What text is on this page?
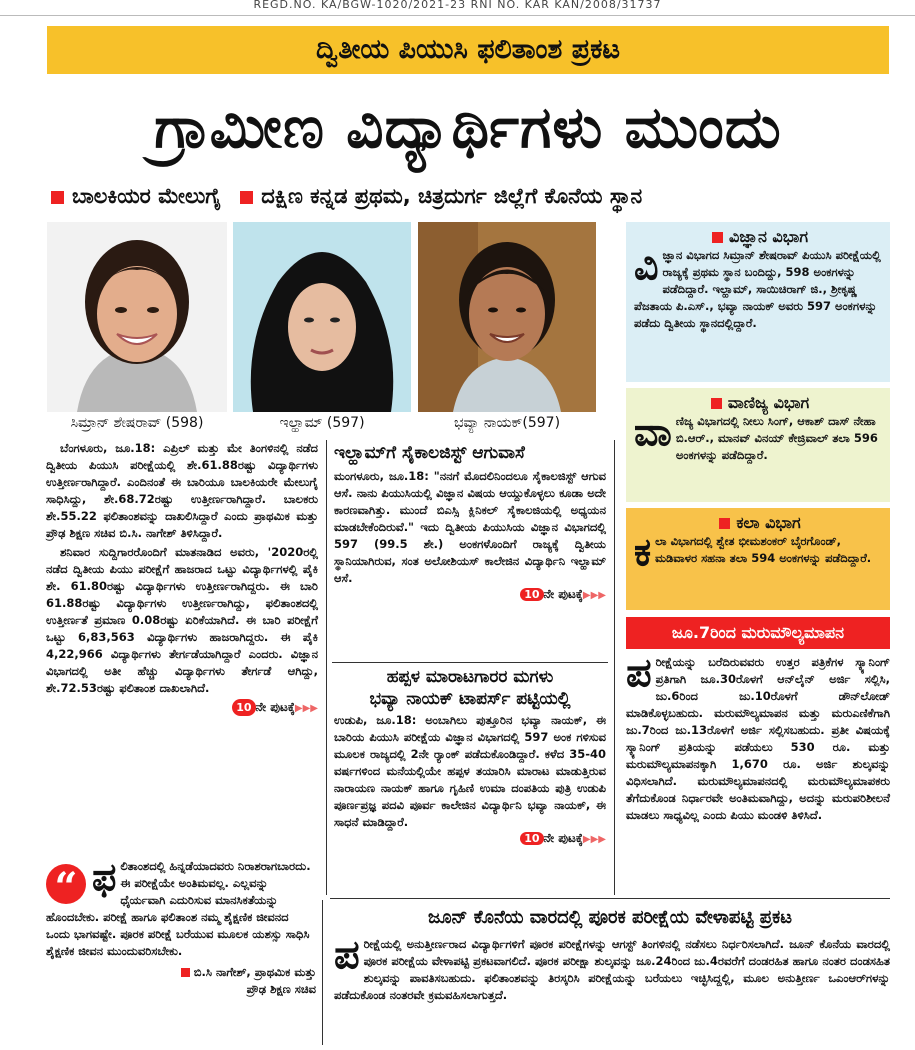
REGD.NO. KA/BGW-1020/2021-23 RNI NO. KAR KAN/2008/31737
ದ್ವಿತೀಯ ಪಿಯುಸಿ ಫಲಿತಾಂಶ ಪ್ರಕಟ
ಗ್ರಾಮೀಣ ವಿದ್ಯಾರ್ಥಿಗಳು ಮುಂದು
ಬಾಲಕಿಯರ ಮೇಲುಗೈ ದಕ್ಷಿಣ ಕನ್ನಡ ಪ್ರಥಮ, ಚಿತ್ರದುರ್ಗ ಜಿಲ್ಲೆಗೆ ಕೊನೆಯ ಸ್ಥಾನ
ಸಿಮ್ರಾನ್ ಶೇಷರಾವ್ (598)	ಇಲ್ಹಾಮ್ (597)	ಭವ್ಯಾ ನಾಯಕ್(597)

ಬೆಂಗಳೂರು, ಜೂ.18: ಎಪ್ರಿಲ್ ಮತ್ತು ಮೇ ತಿಂಗಳಿನಲ್ಲಿ ನಡೆದ ದ್ವಿತೀಯ ಪಿಯುಸಿ ಪರೀಕ್ಷೆಯಲ್ಲಿ ಶೇ.61.88ರಷ್ಟು ವಿದ್ಯಾರ್ಥಿಗಳು ಉತ್ತೀರ್ಣರಾಗಿದ್ದಾರೆ. ಎಂದಿನಂತೆ ಈ ಬಾರಿಯೂ ಬಾಲಕಿಯರೇ ಮೇಲುಗೈ ಸಾಧಿಸಿದ್ದು, ಶೇ.68.72ರಷ್ಟು ಉತ್ತೀರ್ಣರಾಗಿದ್ದಾರೆ. ಬಾಲಕರು ಶೇ.55.22 ಫಲಿತಾಂಶವನ್ನು ದಾಖಲಿಸಿದ್ದಾರೆ ಎಂದು ಪ್ರಾಥಮಿಕ ಮತ್ತು ಪ್ರೌಢ ಶಿಕ್ಷಣ ಸಚಿವ ಬಿ.ಸಿ. ನಾಗೇಶ್ ತಿಳಿಸಿದ್ದಾರೆ.

ಶನಿವಾರ ಸುದ್ದಿಗಾರರೊಂದಿಗೆ ಮಾತನಾಡಿದ ಅವರು, '2020ರಲ್ಲಿ ನಡೆದ ದ್ವಿತೀಯ ಪಿಯು ಪರೀಕ್ಷೆಗೆ ಹಾಜರಾದ ಒಟ್ಟು ವಿದ್ಯಾರ್ಥಿಗಳಲ್ಲಿ ಪೈಕಿ ಶೇ. 61.80ರಷ್ಟು ವಿದ್ಯಾರ್ಥಿಗಳು ಉತ್ತೀರ್ಣರಾಗಿದ್ದರು. ಈ ಬಾರಿ 61.88ರಷ್ಟು ವಿದ್ಯಾರ್ಥಿಗಳು ಉತ್ತೀರ್ಣರಾಗಿದ್ದು, ಫಲಿತಾಂಶದಲ್ಲಿ ಉತ್ತೀರ್ಣತೆ ಪ್ರಮಾಣ 0.08ರಷ್ಟು ಏರಿಕೆಯಾಗಿದೆ. ಈ ಬಾರಿ ಪರೀಕ್ಷೆಗೆ ಒಟ್ಟು 6,83,563 ವಿದ್ಯಾರ್ಥಿಗಳು ಹಾಜರಾಗಿದ್ದರು. ಈ ಪೈಕಿ 4,22,966 ವಿದ್ಯಾರ್ಥಿಗಳು ತೇರ್ಗಡೆಯಾಗಿದ್ದಾರೆ ಎಂದರು. ವಿಜ್ಞಾನ ವಿಭಾಗದಲ್ಲಿ ಅತೀ ಹೆಚ್ಚು ವಿದ್ಯಾರ್ಥಿಗಳು ತೇರ್ಗಡೆ ಆಗಿದ್ದು, ಶೇ.72.53ರಷ್ಟು ಫಲಿತಾಂಶ ದಾಖಲಾಗಿದೆ.

10 ನೇ ಪುಟಕ್ಕೆ▶▶▶
“ ಫ ಲಿತಾಂಶದಲ್ಲಿ ಹಿನ್ನಡೆಯಾದವರು ನಿರಾಶರಾಗಬಾರದು. ಈ ಪರೀಕ್ಷೆಯೇ ಅಂತಿಮವಲ್ಲ. ಎಲ್ಲವನ್ನು ಧೈರ್ಯವಾಗಿ ಎದುರಿಸುವ ಮಾನಸಿಕತೆಯನ್ನು ಹೊಂದಬೇಕು. ಪರೀಕ್ಷೆ ಹಾಗೂ ಫಲಿತಾಂಶ ನಮ್ಮ ಶೈಕ್ಷಣಿಕ ಜೀವನದ ಒಂದು ಭಾಗವಷ್ಟೇ. ಪೂರಕ ಪರೀಕ್ಷೆ ಬರೆಯುವ ಮೂಲಕ ಯಶಸ್ಸು ಸಾಧಿಸಿ ಶೈಕ್ಷಣಿಕ ಜೀವನ ಮುಂದುವರಿಸಬೇಕು.
ಬಿ.ಸಿ ನಾಗೇಶ್, ಪ್ರಾಥಮಿಕ ಮತ್ತು
ಪ್ರೌಢ ಶಿಕ್ಷಣ ಸಚಿವ
ಇಲ್ಹಾಮ್‌ಗೆ ಸೈಕಾಲಜಿಸ್ಟ್ ಆಗುವಾಸೆ
ಮಂಗಳೂರು, ಜೂ.18: "ನನಗೆ ಮೊದಲಿನಿಂದಲೂ ಸೈಕಾಲಜಿಸ್ಟ್ ಆಗುವ ಆಸೆ. ನಾನು ಪಿಯುಸಿಯಲ್ಲಿ ವಿಜ್ಞಾನ ವಿಷಯ ಆಯ್ದುಕೊಳ್ಳಲು ಕೂಡಾ ಅದೇ ಕಾರಣವಾಗಿತ್ತು. ಮುಂದೆ ಬಿಎಸ್ಸಿ ಕ್ಲಿನಿಕಲ್ ಸೈಕಾಲಜಿಯಲ್ಲಿ ಅಧ್ಯಯನ ಮಾಡಬೇಕೆಂದಿರುವೆ." ಇದು ದ್ವಿತೀಯ ಪಿಯುಸಿಯ ವಿಜ್ಞಾನ ವಿಭಾಗದಲ್ಲಿ 597 (99.5 ಶೇ.) ಅಂಕಗಳೊಂದಿಗೆ ರಾಜ್ಯಕ್ಕೆ ದ್ವಿತೀಯ ಸ್ಥಾನಿಯಾಗಿರುವ, ಸಂತ ಅಲೋಶಿಯಸ್ ಕಾಲೇಜಿನ ವಿದ್ಯಾರ್ಥಿನಿ ಇಲ್ಹಾಮ್ ಆಸೆ.
10 ನೇ ಪುಟಕ್ಕೆ▶▶▶
ಹಪ್ಪಳ ಮಾರಾಟಗಾರರ ಮಗಳು
ಭವ್ಯಾ ನಾಯಕ್ ಟಾಪರ್ಸ್ ಪಟ್ಟಿಯಲ್ಲಿ
ಉಡುಪಿ, ಜೂ.18: ಅಂಬಾಗಿಲು ಪುತ್ತೂರಿನ ಭವ್ಯಾ ನಾಯಕ್, ಈ ಬಾರಿಯ ಪಿಯುಸಿ ಪರೀಕ್ಷೆಯ ವಿಜ್ಞಾನ ವಿಭಾಗದಲ್ಲಿ 597 ಅಂಕ ಗಳಿಸುವ ಮೂಲಕ ರಾಜ್ಯದಲ್ಲಿ 2ನೇ ರ್‍ಯಾಂಕ್ ಪಡೆದುಕೊಂಡಿದ್ದಾರೆ. ಕಳೆದ 35-40 ವರ್ಷಗಳಿಂದ ಮನೆಯಲ್ಲಿಯೇ ಹಪ್ಪಳ ತಯಾರಿಸಿ ಮಾರಾಟ ಮಾಡುತ್ತಿರುವ ನಾರಾಯಣ ನಾಯಕ್ ಹಾಗೂ ಗೃಹಿಣಿ ಉಮಾ ದಂಪತಿಯ ಪುತ್ರಿ ಉಡುಪಿ ಪೂರ್ಣಪ್ರಜ್ಞ ಪದವಿ ಪೂರ್ವ ಕಾಲೇಜಿನ ವಿದ್ಯಾರ್ಥಿನಿ ಭವ್ಯಾ ನಾಯಕ್, ಈ ಸಾಧನೆ ಮಾಡಿದ್ದಾರೆ.
10 ನೇ ಪುಟಕ್ಕೆ▶▶▶
ವಿಜ್ಞಾನ ವಿಭಾಗ
ವಿ ಜ್ಞಾನ ವಿಭಾಗದ ಸಿಮ್ರಾನ್ ಶೇಷರಾವ್ ಪಿಯುಸಿ ಪರೀಕ್ಷೆಯಲ್ಲಿ ರಾಜ್ಯಕ್ಕೆ ಪ್ರಥಮ ಸ್ಥಾನ ಬಂದಿದ್ದು, 598 ಅಂಕಗಳನ್ನು ಪಡೆದಿದ್ದಾರೆ. ಇಲ್ಹಾಮ್, ಸಾಯಿಚಿರಾಗ್ ಜಿ., ಶ್ರೀಕೃಷ್ಣ ಪೆಜತಾಯ ಪಿ.ಎಸ್., ಭವ್ಯಾ ನಾಯಕ್ ಅವರು 597 ಅಂಕಗಳನ್ನು ಪಡೆದು ದ್ವಿತೀಯ ಸ್ಥಾನದಲ್ಲಿದ್ದಾರೆ.
ವಾಣಿಜ್ಯ ವಿಭಾಗ
ವಾ ಣಿಜ್ಯ ವಿಭಾಗದಲ್ಲಿ ನೀಲು ಸಿಂಗ್, ಆಕಾಶ್ ದಾಸ್ ನೇಹಾ ಬಿ.ಆರ್., ಮಾನವ್ ವಿನಯ್ ಕೇಜ್ರಿವಾಲ್ ತಲಾ 596 ಅಂಕಗಳನ್ನು ಪಡೆದಿದ್ದಾರೆ.
ಕಲಾ ವಿಭಾಗ
ಕ ಲಾ ವಿಭಾಗದಲ್ಲಿ ಶ್ವೇತ ಭೀಮಶಂಕರ್ ಬೈರಗೊಂಡ್, ಮಡಿವಾಳರ ಸಹನಾ ತಲಾ 594 ಅಂಕಗಳನ್ನು ಪಡೆದಿದ್ದಾರೆ.
ಜೂ.7ರಿಂದ ಮರುಮೌಲ್ಯಮಾಪನ
ಪರೀಕ್ಷೆಯನ್ನು ಬರೆದಿರುವವರು ಉತ್ತರ ಪತ್ರಿಕೆಗಳ ಸ್ಕ್ಯಾನಿಂಗ್ ಪ್ರತಿಗಾಗಿ ಜೂ.30ರೊಳಗೆ ಆನ್‌ಲೈನ್ ಅರ್ಜಿ ಸಲ್ಲಿಸಿ, ಜು.6ರಿಂದ ಜು.10ರೊಳಗೆ ಡೌನ್‌ಲೋಡ್ ಮಾಡಿಕೊಳ್ಳಬಹುದು. ಮರುಮೌಲ್ಯಮಾಪನ ಮತ್ತು ಮರುಎಣಿಕೆಗಾಗಿ ಜು.7ರಿಂದ ಜು.13ರೊಳಗೆ ಅರ್ಜಿ ಸಲ್ಲಿಸಬಹುದು. ಪ್ರತೀ ವಿಷಯಕ್ಕೆ ಸ್ಕ್ಯಾನಿಂಗ್ ಪ್ರತಿಯನ್ನು ಪಡೆಯಲು 530 ರೂ. ಮತ್ತು ಮರುಮೌಲ್ಯಮಾಪನಕ್ಕಾಗಿ 1,670 ರೂ. ಅರ್ಜಿ ಶುಲ್ಕವನ್ನು ವಿಧಿಸಲಾಗಿದೆ. ಮರುಮೌಲ್ಯಮಾಪನದಲ್ಲಿ ಮರುಮೌಲ್ಯಮಾಪಕರು ತೆಗೆದುಕೊಂಡ ನಿರ್ಧಾರವೇ ಅಂತಿಮವಾಗಿದ್ದು, ಅದನ್ನು ಮರುಪರಿಶೀಲನೆ ಮಾಡಲು ಸಾಧ್ಯವಿಲ್ಲ ಎಂದು ಪಿಯು ಮಂಡಳಿ ತಿಳಿಸಿದೆ.
ಜೂನ್ ಕೊನೆಯ ವಾರದಲ್ಲಿ ಪೂರಕ ಪರೀಕ್ಷೆಯ ವೇಳಾಪಟ್ಟಿ ಪ್ರಕಟ
ಪರೀಕ್ಷೆಯಲ್ಲಿ ಅನುತ್ತೀರ್ಣರಾದ ವಿದ್ಯಾರ್ಥಿಗಳಿಗೆ ಪೂರಕ ಪರೀಕ್ಷೆಗಳನ್ನು ಆಗಸ್ಟ್ ತಿಂಗಳಿನಲ್ಲಿ ನಡೆಸಲು ನಿರ್ಧರಿಸಲಾಗಿದೆ. ಜೂನ್ ಕೊನೆಯ ವಾರದಲ್ಲಿ ಪೂರಕ ಪರೀಕ್ಷೆಯ ವೇಳಾಪಟ್ಟಿ ಪ್ರಕಟವಾಗಲಿದೆ. ಪೂರಕ ಪರೀಕ್ಷಾ ಶುಲ್ಕವನ್ನು ಜೂ.24ರಿಂದ ಜು.4ರವರೆಗೆ ದಂಡರಹಿತ ಹಾಗೂ ನಂತರ ದಂಡಸಹಿತ ಶುಲ್ಕವನ್ನು ಪಾವತಿಸಬಹುದು. ಫಲಿತಾಂಶವನ್ನು ತಿರಸ್ಕರಿಸಿ ಪರೀಕ್ಷೆಯನ್ನು ಬರೆಯಲು ಇಚ್ಛಿಸಿದ್ದಲ್ಲಿ, ಮೂಲ ಅನುತ್ತೀರ್ಣ ಒಎಂಆರ್‌ಗಳನ್ನು ಪಡೆದುಕೊಂಡ ನಂತರವೇ ಕ್ರಮವಹಿಸಲಾಗುತ್ತದೆ.
